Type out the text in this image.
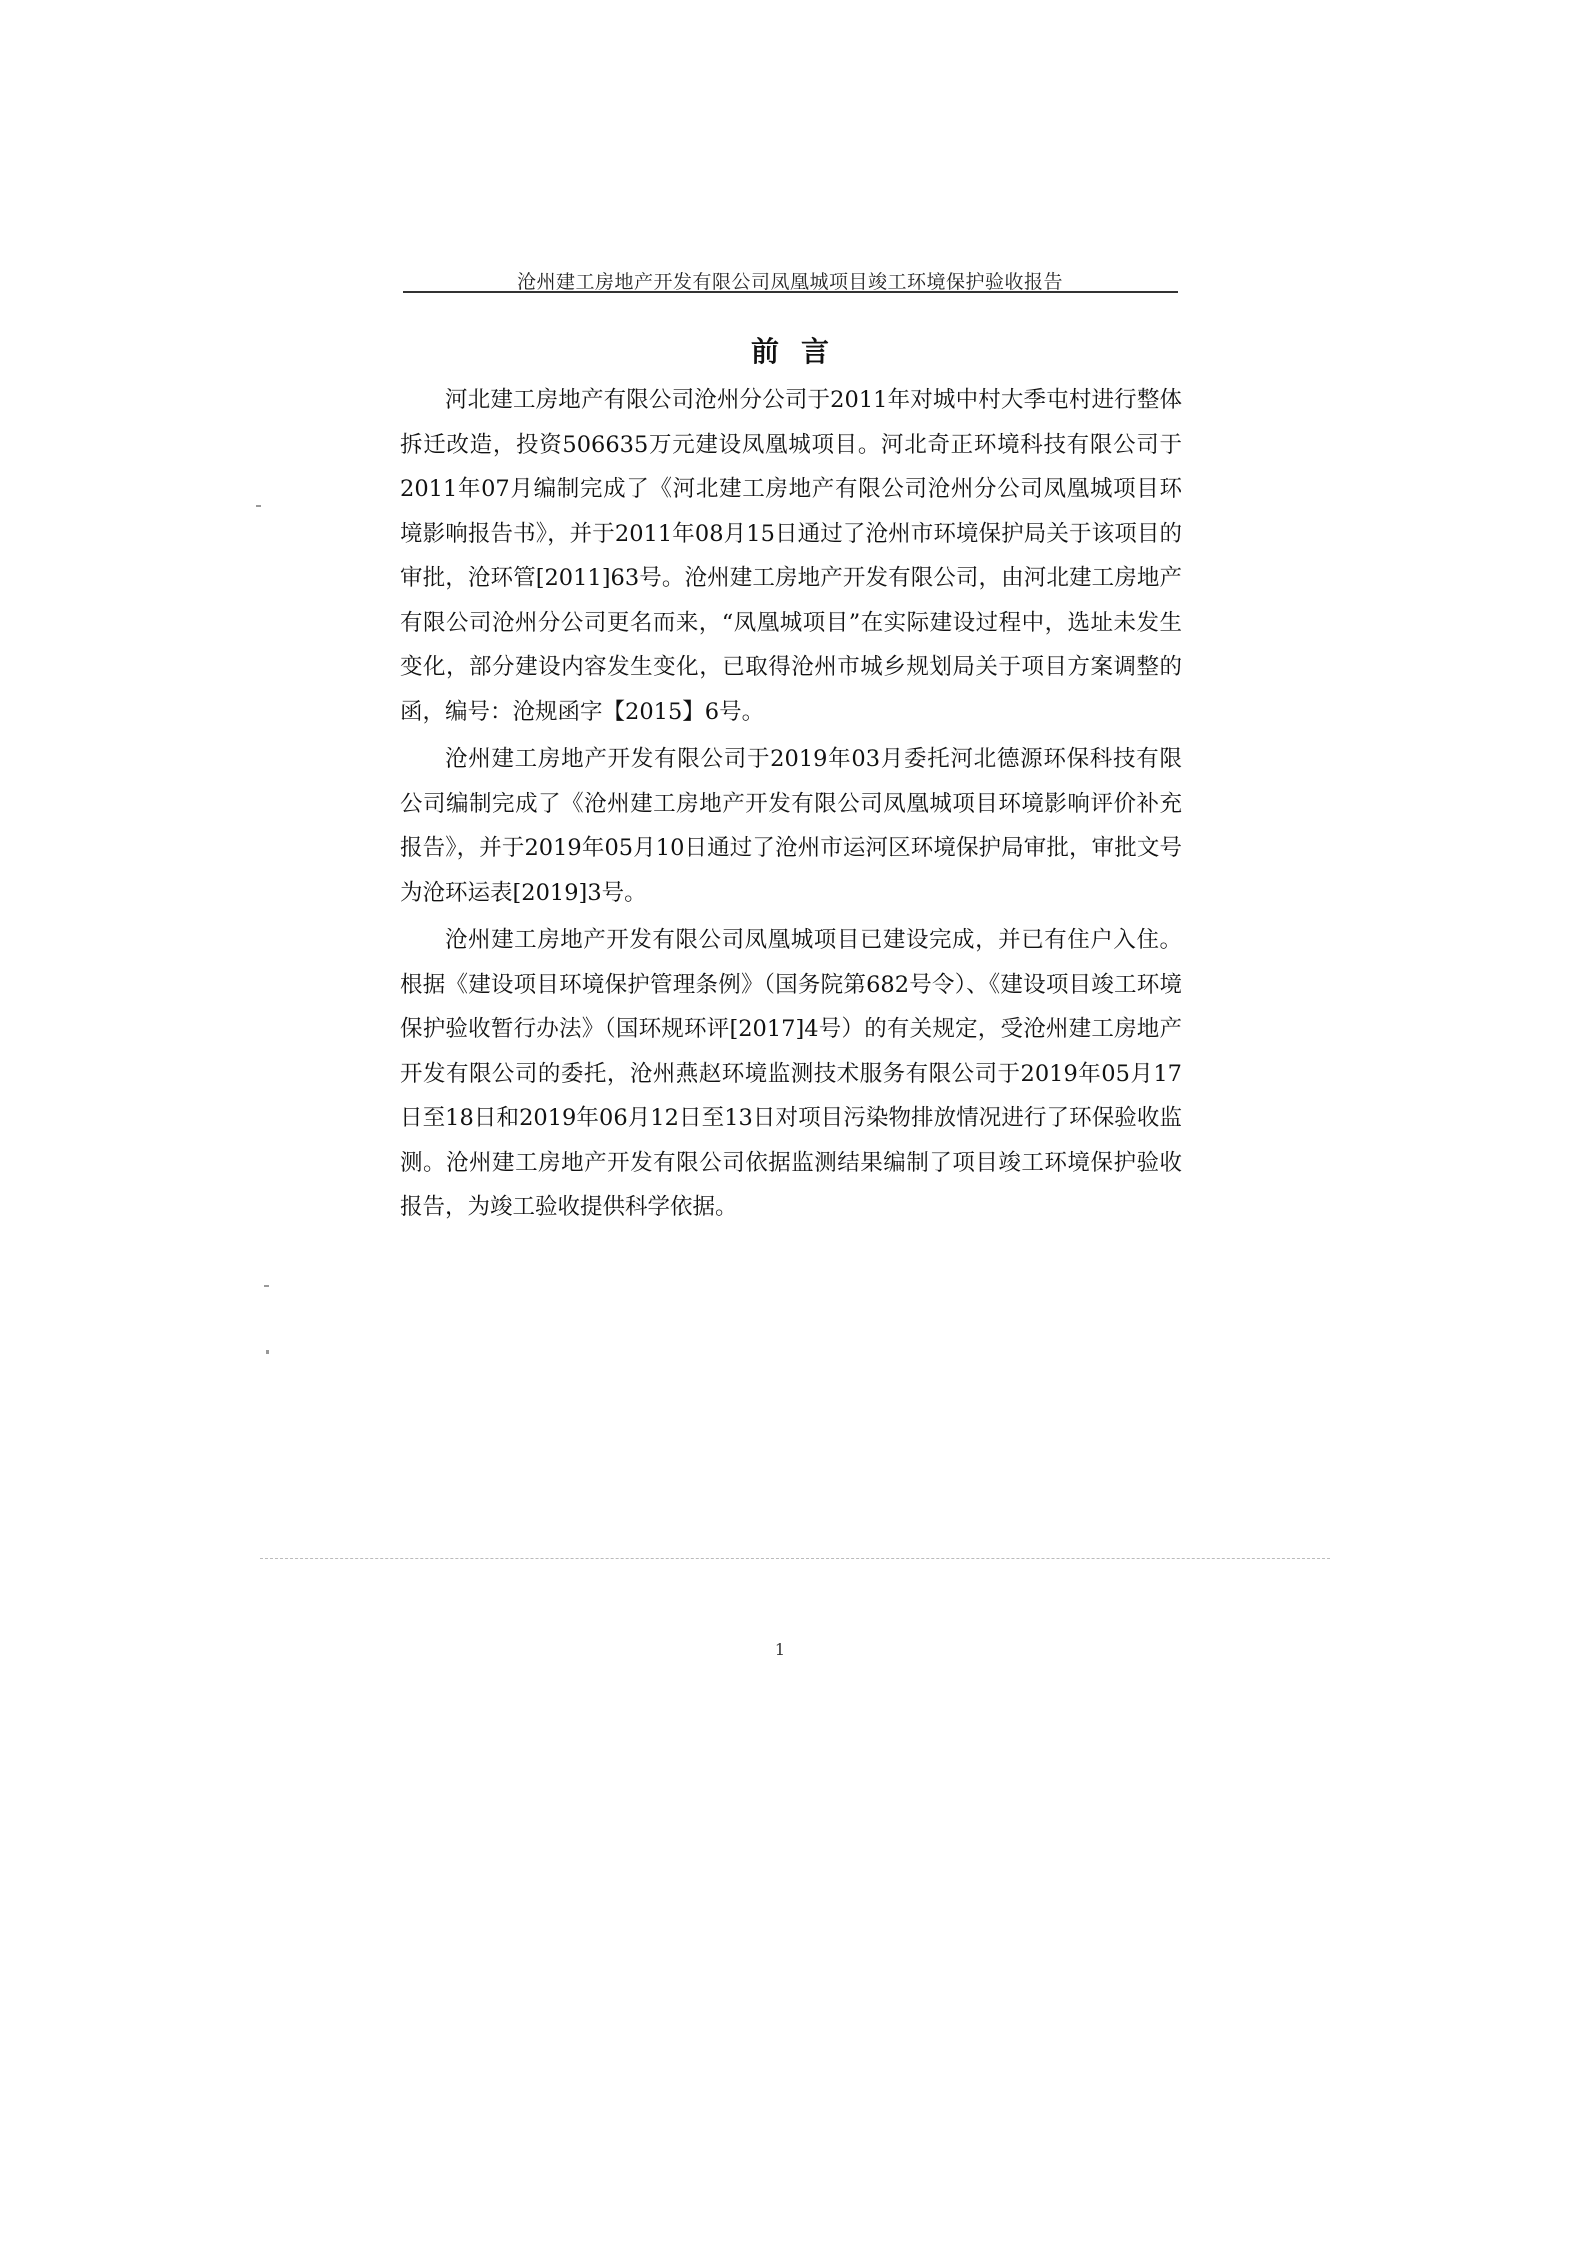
沧州建工房地产开发有限公司凤凰城项目竣工环境保护验收报告
前言

河北建工房地产有限公司沧州分公司于2011年对城中村大季屯村进行整体拆迁改造，投资506635万元建设凤凰城项目。河北奇正环境科技有限公司于2011年07月编制完成了《河北建工房地产有限公司沧州分公司凤凰城项目环境影响报告书》，并于2011年08月15日通过了沧州市环境保护局关于该项目的审批，沧环管[2011]63号。沧州建工房地产开发有限公司，由河北建工房地产有限公司沧州分公司更名而来，“凤凰城项目”在实际建设过程中，选址未发生变化，部分建设内容发生变化，已取得沧州市城乡规划局关于项目方案调整的函，编号：沧规函字【2015】6号。

沧州建工房地产开发有限公司于2019年03月委托河北德源环保科技有限公司编制完成了《沧州建工房地产开发有限公司凤凰城项目环境影响评价补充报告》，并于2019年05月10日通过了沧州市运河区环境保护局审批，审批文号为沧环运表[2019]3号。

沧州建工房地产开发有限公司凤凰城项目已建设完成，并已有住户入住。根据《建设项目环境保护管理条例》（国务院第682号令）、《建设项目竣工环境保护验收暂行办法》（国环规环评[2017]4号）的有关规定，受沧州建工房地产开发有限公司的委托，沧州燕赵环境监测技术服务有限公司于2019年05月17日至18日和2019年06月12日至13日对项目污染物排放情况进行了环保验收监测。沧州建工房地产开发有限公司依据监测结果编制了项目竣工环境保护验收报告，为竣工验收提供科学依据。

1
